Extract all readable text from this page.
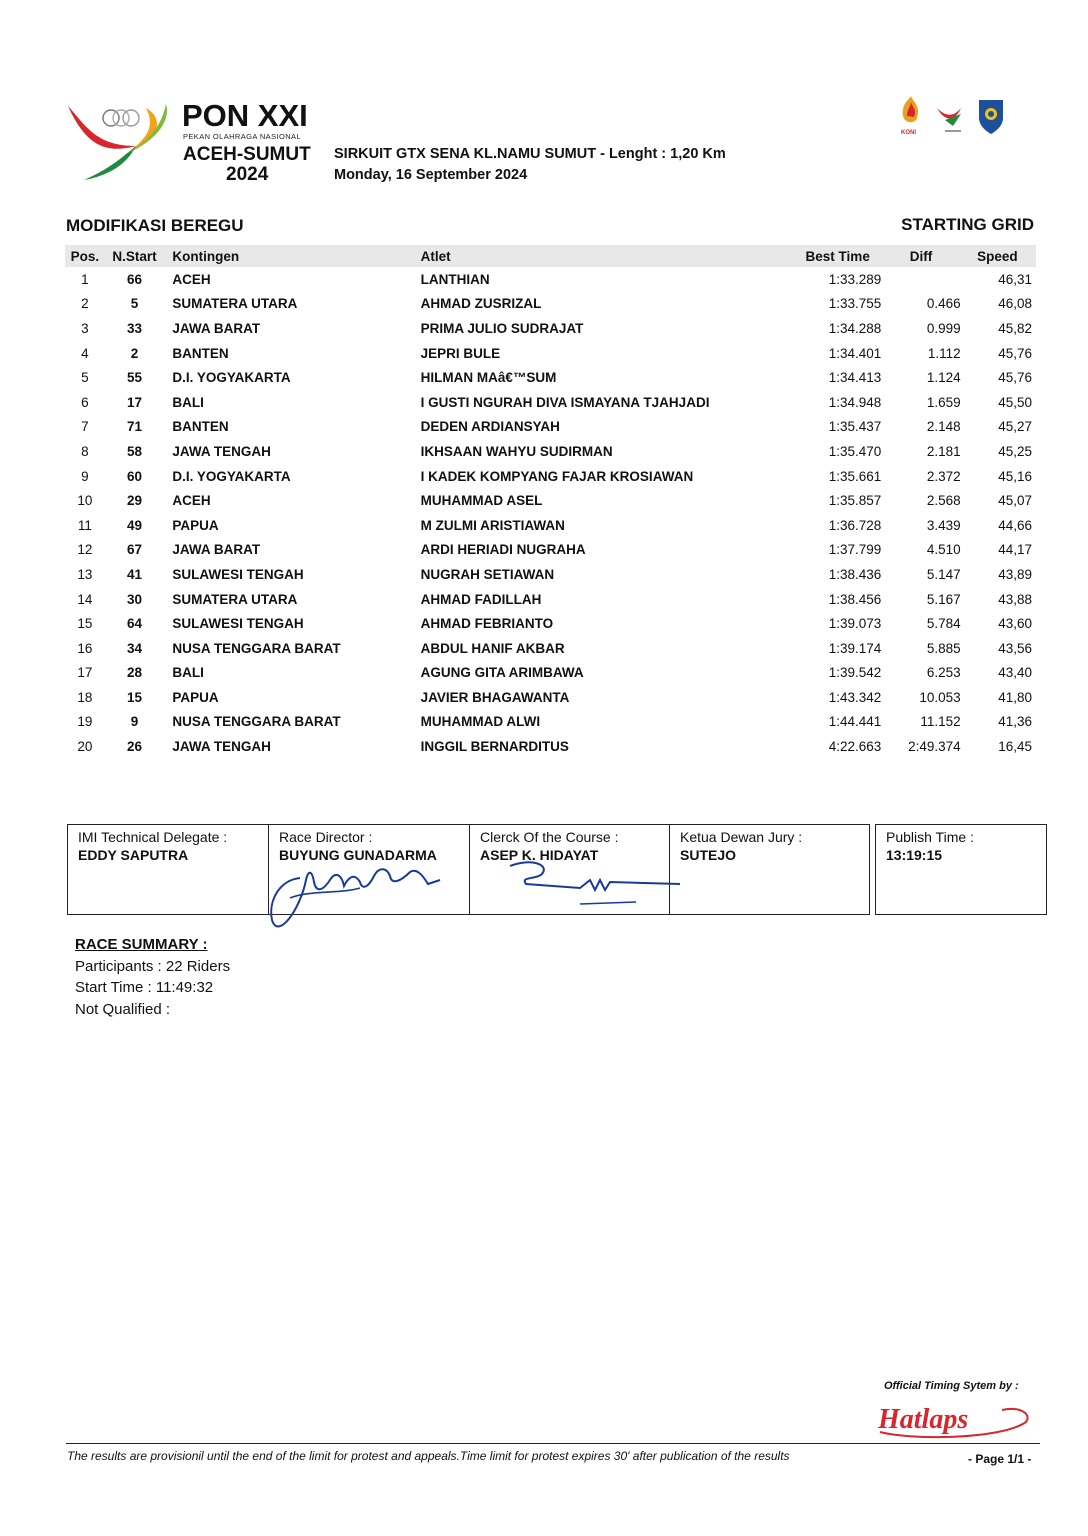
PON XXI
PEKAN OLAHRAGA NASIONAL
ACEH-SUMUT
2024
SIRKUIT GTX SENA KL.NAMU SUMUT - Lenght : 1,20 Km
Monday, 16 September 2024
KONI
MODIFIKASI BEREGU	STARTING GRID
Pos.	N.Start	Kontingen	Atlet	Best Time	Diff	Speed
1	66	ACEH	LANTHIAN	1:33.289		46,31
2	5	SUMATERA UTARA	AHMAD ZUSRIZAL	1:33.755	0.466	46,08
3	33	JAWA BARAT	PRIMA JULIO SUDRAJAT	1:34.288	0.999	45,82
4	2	BANTEN	JEPRI BULE	1:34.401	1.112	45,76
5	55	D.I. YOGYAKARTA	HILMAN MAâ€™SUM	1:34.413	1.124	45,76
6	17	BALI	I GUSTI NGURAH DIVA ISMAYANA TJAHJADI	1:34.948	1.659	45,50
7	71	BANTEN	DEDEN ARDIANSYAH	1:35.437	2.148	45,27
8	58	JAWA TENGAH	IKHSAAN WAHYU SUDIRMAN	1:35.470	2.181	45,25
9	60	D.I. YOGYAKARTA	I KADEK KOMPYANG FAJAR KROSIAWAN	1:35.661	2.372	45,16
10	29	ACEH	MUHAMMAD ASEL	1:35.857	2.568	45,07
11	49	PAPUA	M ZULMI ARISTIAWAN	1:36.728	3.439	44,66
12	67	JAWA BARAT	ARDI HERIADI NUGRAHA	1:37.799	4.510	44,17
13	41	SULAWESI TENGAH	NUGRAH SETIAWAN	1:38.436	5.147	43,89
14	30	SUMATERA UTARA	AHMAD FADILLAH	1:38.456	5.167	43,88
15	64	SULAWESI TENGAH	AHMAD FEBRIANTO	1:39.073	5.784	43,60
16	34	NUSA TENGGARA BARAT	ABDUL HANIF AKBAR	1:39.174	5.885	43,56
17	28	BALI	AGUNG GITA ARIMBAWA	1:39.542	6.253	43,40
18	15	PAPUA	JAVIER BHAGAWANTA	1:43.342	10.053	41,80
19	9	NUSA TENGGARA BARAT	MUHAMMAD ALWI	1:44.441	11.152	41,36
20	26	JAWA TENGAH	INGGIL BERNARDITUS	4:22.663	2:49.374	16,45
IMI Technical Delegate :
EDDY SAPUTRA
Race Director :
BUYUNG GUNADARMA
Clerck Of the Course :
ASEP K. HIDAYAT
Ketua Dewan Jury :
SUTEJO
Publish Time :
13:19:15
RACE SUMMARY :
Participants : 22 Riders
Start Time : 11:49:32
Not Qualified :
Official Timing Sytem by :
Hatlaps
The results are provisionil until the end of the limit for protest and appeals.Time limit for protest expires 30' after publication of the results	- Page 1/1 -
